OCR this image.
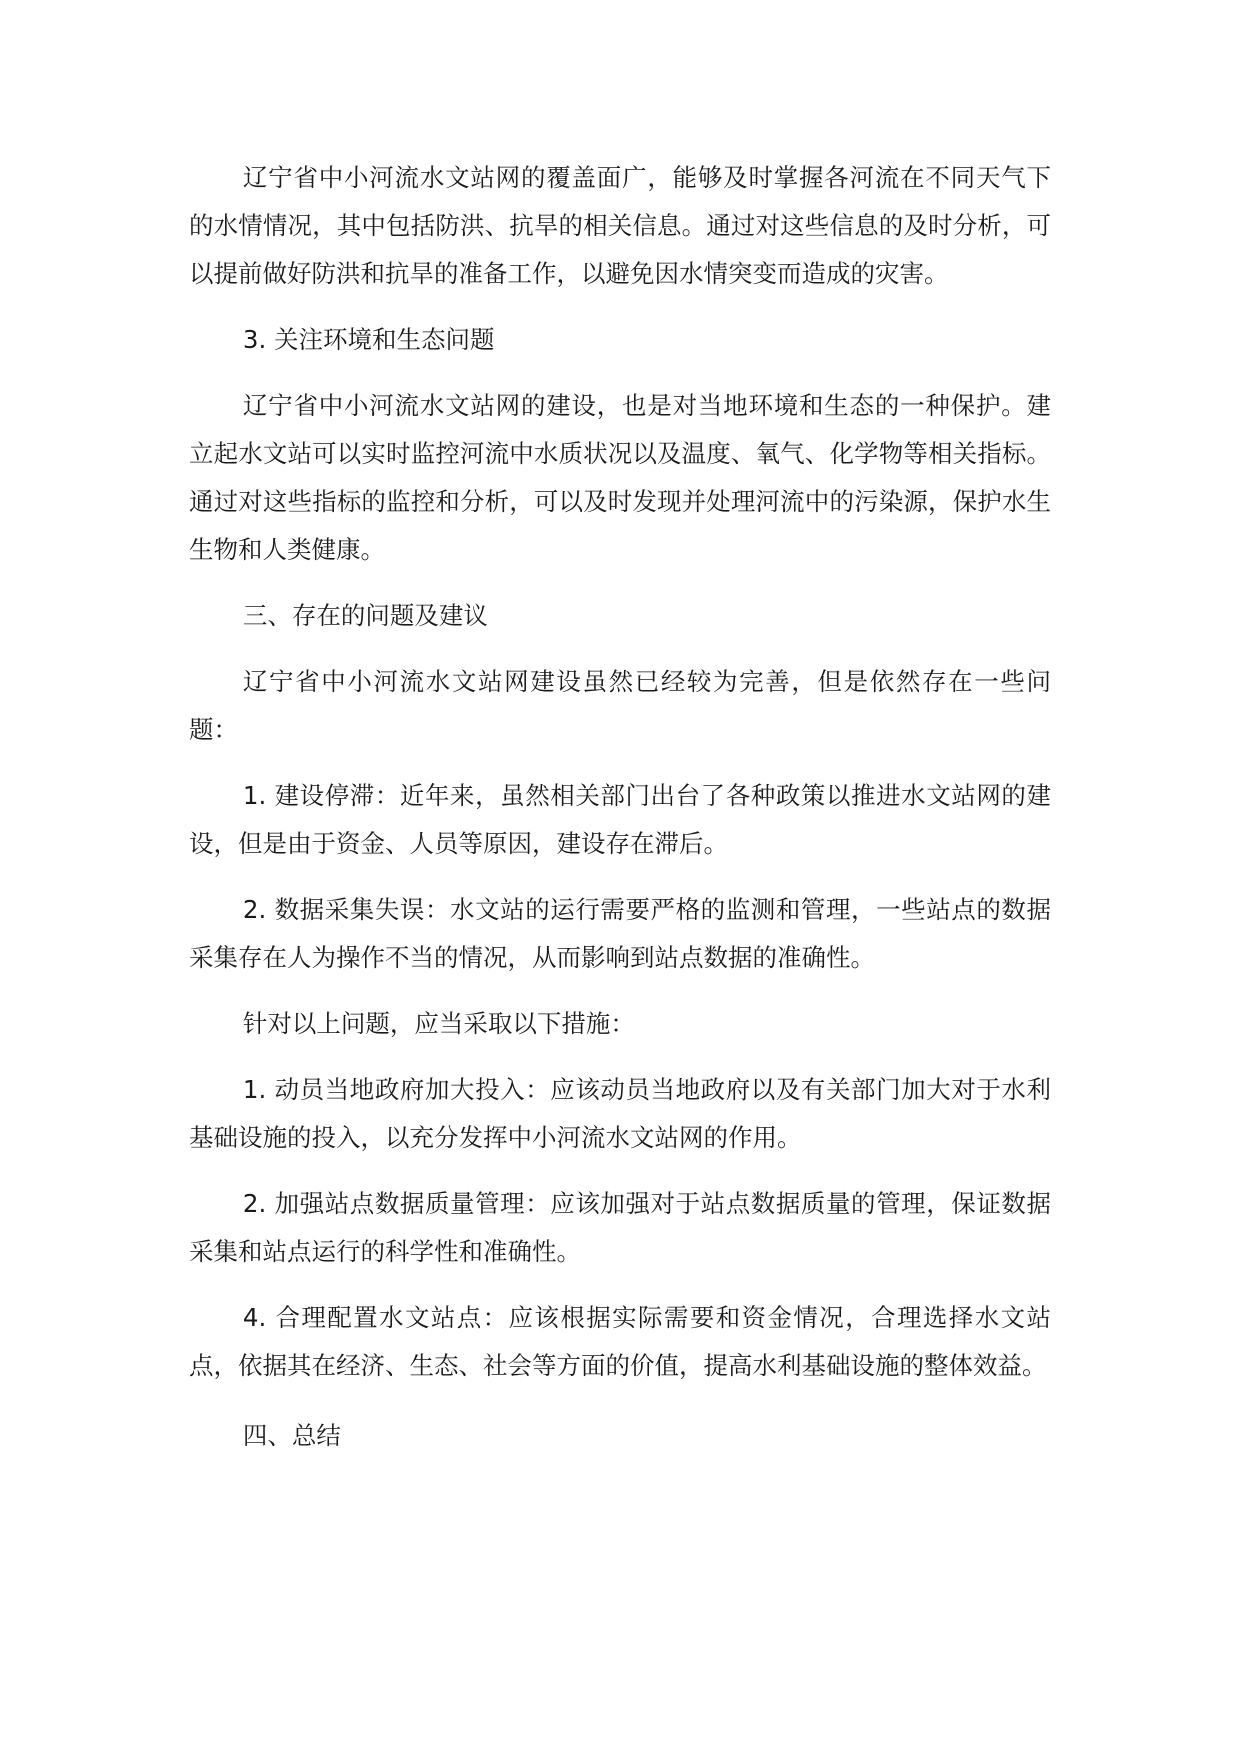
辽宁省中小河流水文站网的覆盖面广，能够及时掌握各河流在不同天气下的水情情况，其中包括防洪、抗旱的相关信息。通过对这些信息的及时分析，可以提前做好防洪和抗旱的准备工作，以避免因水情突变而造成的灾害。

3. 关注环境和生态问题

辽宁省中小河流水文站网的建设，也是对当地环境和生态的一种保护。建立起水文站可以实时监控河流中水质状况以及温度、氧气、化学物等相关指标。通过对这些指标的监控和分析，可以及时发现并处理河流中的污染源，保护水生生物和人类健康。

三、存在的问题及建议

辽宁省中小河流水文站网建设虽然已经较为完善，但是依然存在一些问题：

1. 建设停滞：近年来，虽然相关部门出台了各种政策以推进水文站网的建设，但是由于资金、人员等原因，建设存在滞后。

2. 数据采集失误：水文站的运行需要严格的监测和管理，一些站点的数据采集存在人为操作不当的情况，从而影响到站点数据的准确性。

针对以上问题，应当采取以下措施：

1. 动员当地政府加大投入：应该动员当地政府以及有关部门加大对于水利基础设施的投入，以充分发挥中小河流水文站网的作用。

2. 加强站点数据质量管理：应该加强对于站点数据质量的管理，保证数据采集和站点运行的科学性和准确性。

4. 合理配置水文站点：应该根据实际需要和资金情况，合理选择水文站点，依据其在经济、生态、社会等方面的价值，提高水利基础设施的整体效益。

四、总结
